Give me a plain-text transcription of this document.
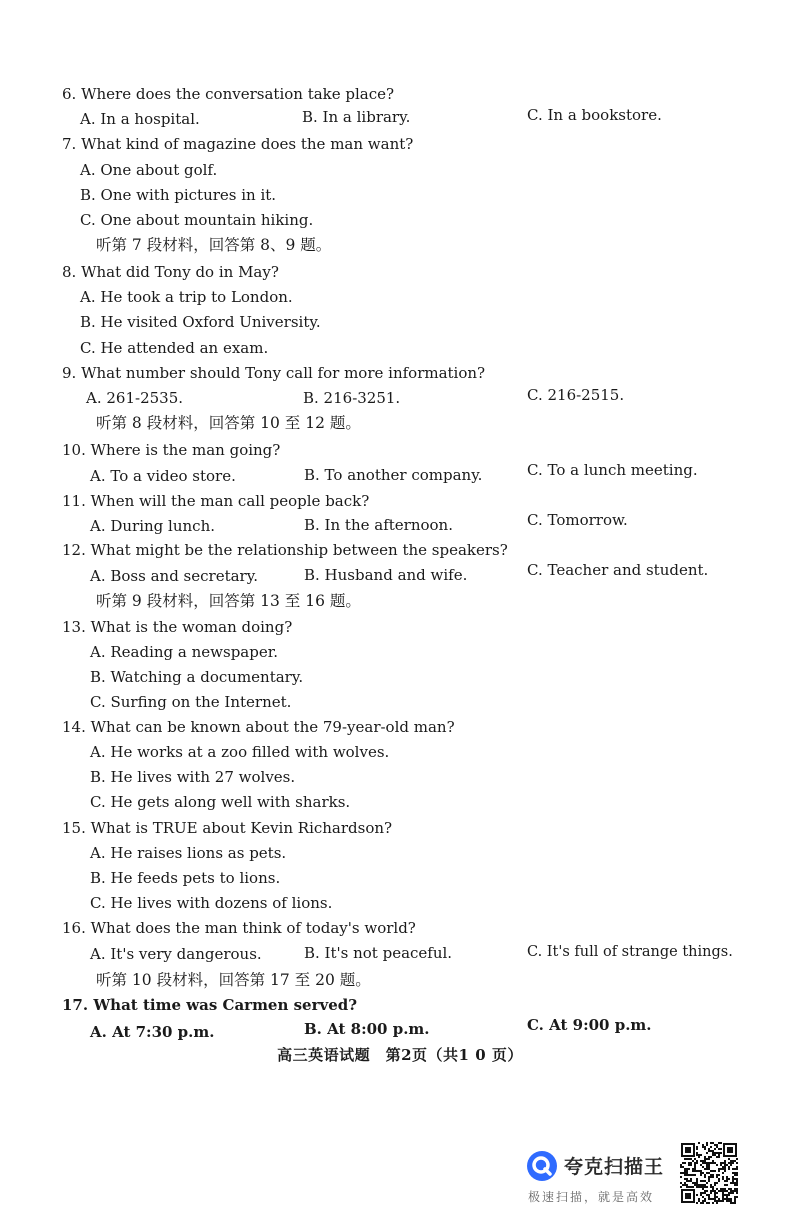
6. Where does the conversation take place?
A. In a hospital.	B. In a library.	C. In a bookstore.
7. What kind of magazine does the man want?
A. One about golf.
B. One with pictures in it.
C. One about mountain hiking.
听第 7 段材料，回答第 8、9 题。
8. What did Tony do in May?
A. He took a trip to London.
B. He visited Oxford University.
C. He attended an exam.
9. What number should Tony call for more information?
A. 261-2535.	B. 216-3251.	C. 216-2515.
听第 8 段材料，回答第 10 至 12 题。
10. Where is the man going?
A. To a video store.	B. To another company.	C. To a lunch meeting.
11. When will the man call people back?
A. During lunch.	B. In the afternoon.	C. Tomorrow.
12. What might be the relationship between the speakers?
A. Boss and secretary.	B. Husband and wife.	C. Teacher and student.
听第 9 段材料，回答第 13 至 16 题。
13. What is the woman doing?
A. Reading a newspaper.
B. Watching a documentary.
C. Surfing on the Internet.
14. What can be known about the 79-year-old man?
A. He works at a zoo filled with wolves.
B. He lives with 27 wolves.
C. He gets along well with sharks.
15. What is TRUE about Kevin Richardson?
A. He raises lions as pets.
B. He feeds pets to lions.
C. He lives with dozens of lions.
16. What does the man think of today's world?
A. It's very dangerous.	B. It's not peaceful.	C. It's full of strange things.
听第 10 段材料，回答第 17 至 20 题。
17. What time was Carmen served?
A. At 7:30 p.m.	B. At 8:00 p.m.	C. At 9:00 p.m.
高三英语试题　第2页（共1 0 页）
夸克扫描王
极速扫描，就是高效
